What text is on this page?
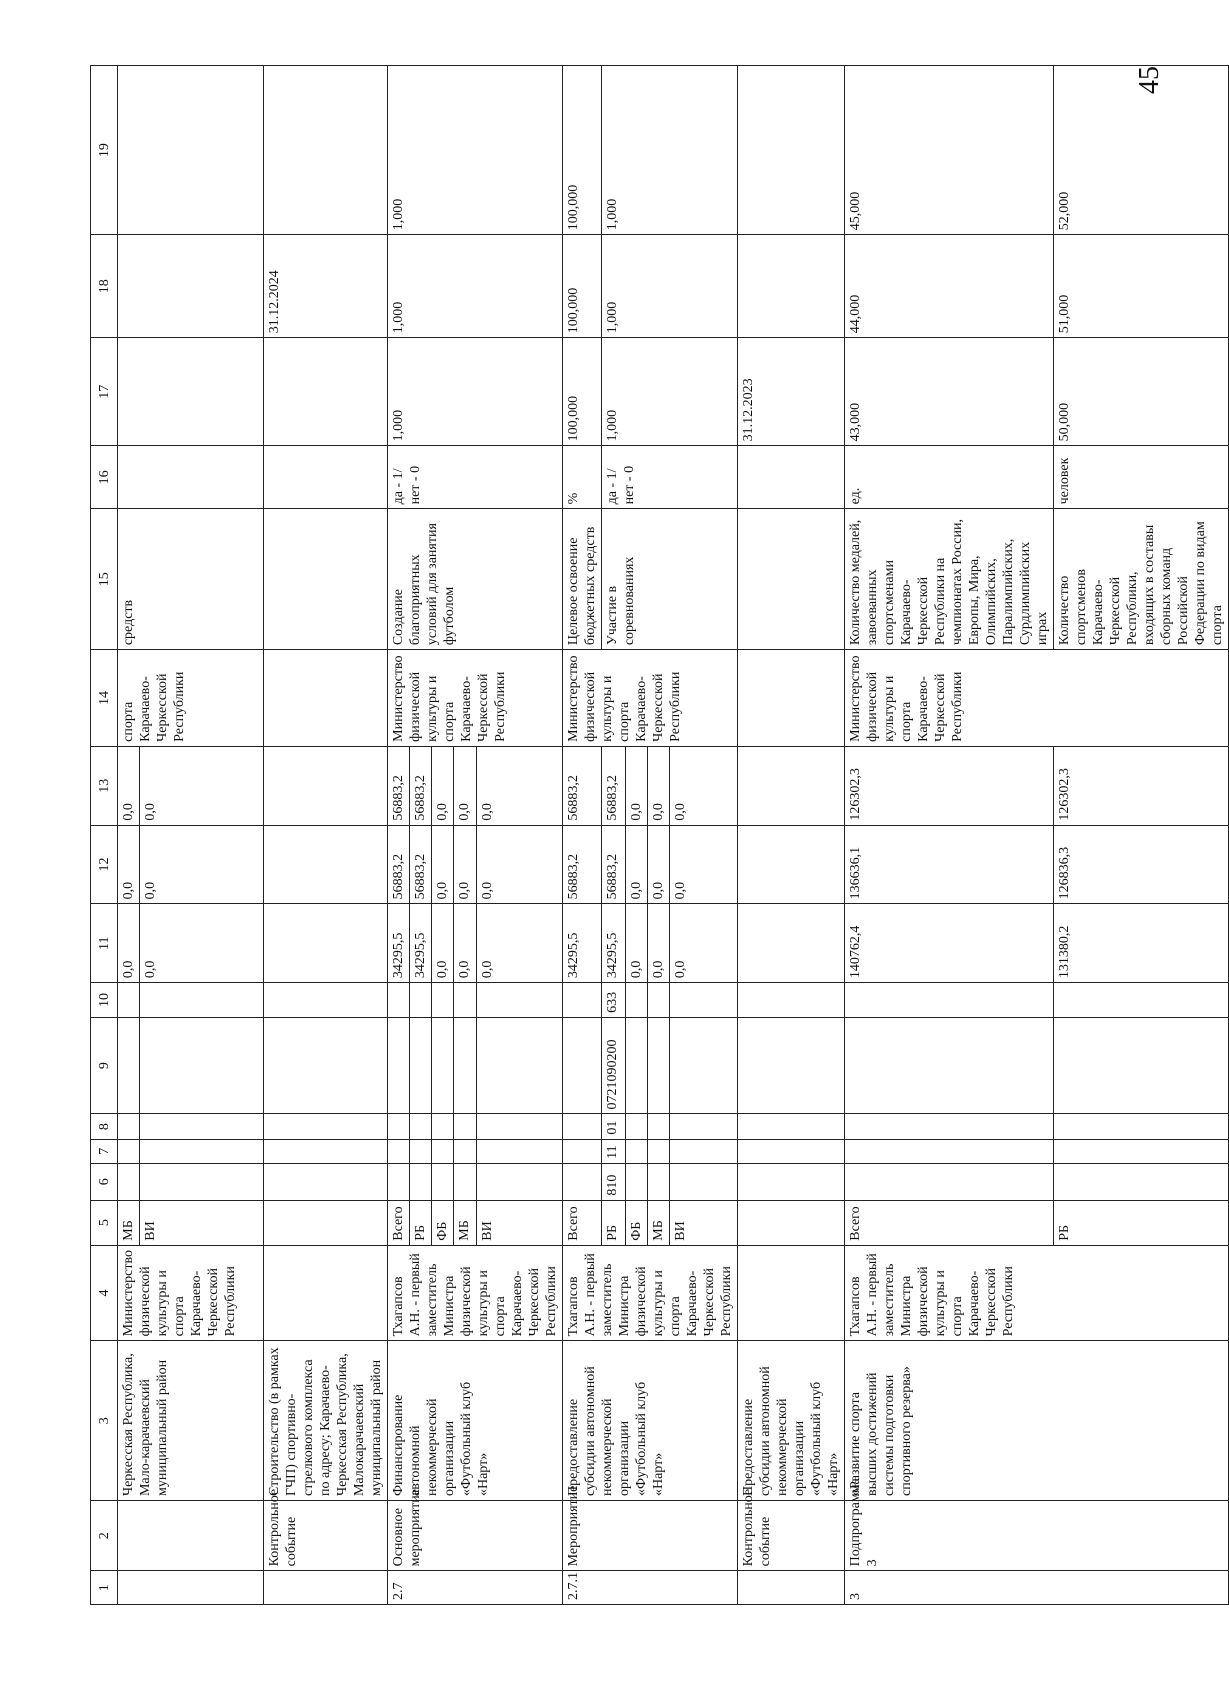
45
1	2	3	4	5	6	7	8	9	10	11	12	13	14	15	16	17	18	19
		Черкесская Республика, Мало-карачаевский муниципальный район	Министерство физической культуры и спорта Карачаево-Черкесской Республики	МБ						0,0	0,0	0,0	спорта Карачаево-Черкесской Республики	средств				
				ВИ						0,0	0,0	0,0						
	Контрольное событие	Строительство (в рамках ГЧП) спортивно-стрелкового комплекса по адресу; Карачаево-Черкесская Республика, Малокарачаевский муниципальный район															31.12.2024	
2.7	Основное мероприятие	Финансирование автономной некоммерческой организации «Футбольный клуб «Нарт»	Тхагапсов А.Н. - первый заместитель Министра физической культуры и спорта Карачаево-Черкесской Республики	Всего						34295,5	56883,2	56883,2	Министерство физической культуры и спорта Карачаево-Черкесской Республики	Создание благоприятных условий для занятия футболом	да - 1/ нет - 0	1,000	1,000	1,000
				РБ						34295,5	56883,2	56883,2						
				ФБ						0,0	0,0	0,0						
				МБ						0,0	0,0	0,0						
				ВИ						0,0	0,0	0,0						
2.7.1	Мероприятие	Предоставление субсидии автономной некоммерческой организации «Футбольный клуб «Нарт»	Тхагапсов А.Н. - первый заместитель Министра физической культуры и спорта Карачаево-Черкесской Республики	Всего						34295,5	56883,2	56883,2	Министерство физической культуры и спорта Карачаево-Черкесской Республики	Целевое освоение бюджетных средств	%	100,000	100,000	100,000
				РБ	810	11	01	0721090200	633	34295,5	56883,2	56883,2		Участие в соревнованиях	да - 1/ нет - 0	1,000	1,000	1,000
				ФБ						0,0	0,0	0,0						
				МБ						0,0	0,0	0,0						
				ВИ						0,0	0,0	0,0						
	Контрольное событие	Предоставление субсидии автономной некоммерческой организации «Футбольный клуб «Нарт»														31.12.2023		
3	Подпрограмма 3	«Развитие спорта высших достижений системы подготовки спортивного резерва»	Тхагапсов А.Н. - первый заместитель Министра физической культуры и спорта Карачаево-Черкесской Республики	Всего						140762,4	136636,1	126302,3	Министерство физической культуры и спорта Карачаево-Черкесской Республики	Количество медалей, завоеванных спортсменами Карачаево-Черкесской Республики на чемпионатах России, Европы, Мира, Олимпийских, Паралимпийских, Сурдлимпийских играх	ед.	43,000	44,000	45,000
				РБ						131380,2	126836,3	126302,3		Количество спортсменов Карачаево-Черкесской Республики, входящих в составы сборных команд Российской Федерации по видам спорта	человек	50,000	51,000	52,000
